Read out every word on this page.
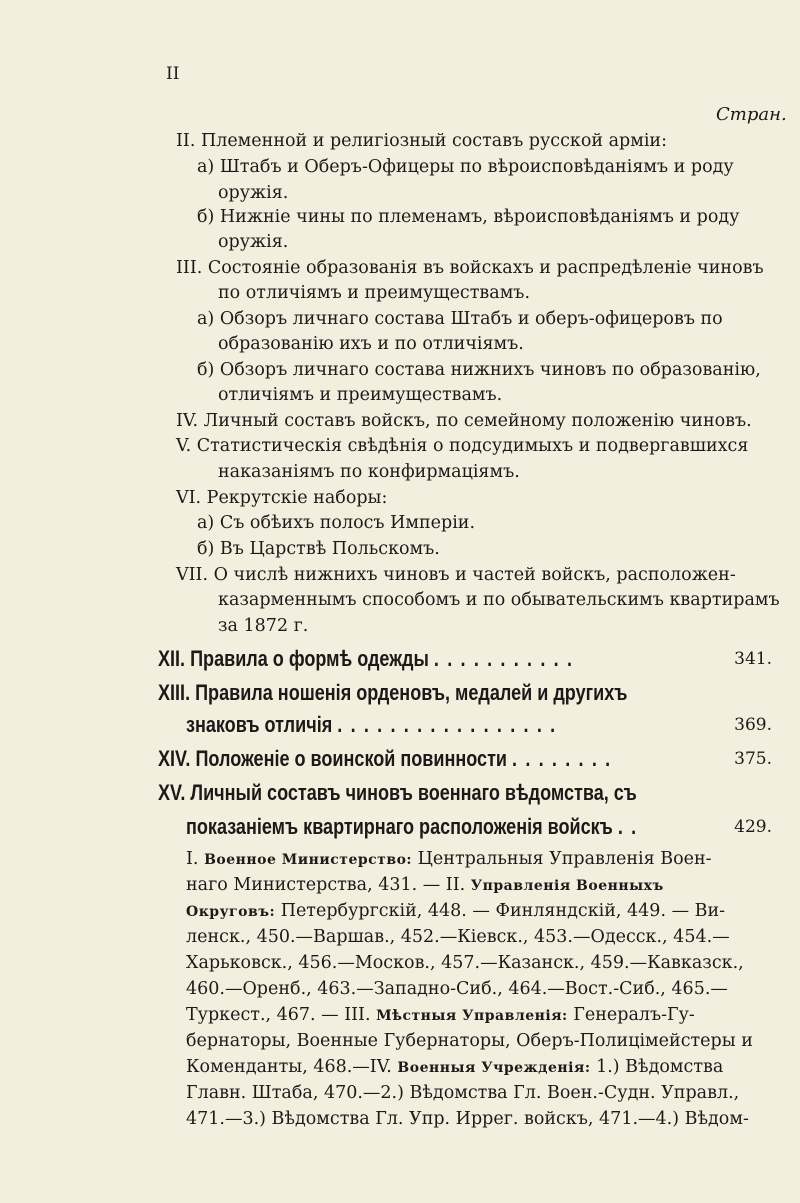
II
Стран.
II. Племенной и религіозный составъ русской арміи:
а) Штабъ и Оберъ-Офицеры по вѣроисповѣданіямъ и роду
оружія.
б) Нижніе чины по племенамъ, вѣроисповѣданіямъ и роду
оружія.
III. Состояніе образованія въ войскахъ и распредѣленіе чиновъ
по отличіямъ и преимуществамъ.
а) Обзоръ личнаго состава Штабъ и оберъ-офицеровъ по
образованію ихъ и по отличіямъ.
б) Обзоръ личнаго состава нижнихъ чиновъ по образованію,
отличіямъ и преимуществамъ.
IV. Личный составъ войскъ, по семейному положенію чиновъ.
V. Статистическія свѣдѣнія о подсудимыхъ и подвергавшихся
наказаніямъ по конфирмаціямъ.
VI. Рекрутскіе наборы:
а) Съ обѣихъ полосъ Имперіи.
б) Въ Царствѣ Польскомъ.
VII. О числѣ нижнихъ чиновъ и частей войскъ, расположен-
казарменнымъ способомъ и по обывательскимъ квартирамъ
за 1872 г.
XII. Правила о формѣ одежды . . . . . . . . . . .	341.
XIII. Правила ношенія орденовъ, медалей и другихъ
знаковъ отличія . . . . . . . . . . . . . . . . .	369.
XIV. Положеніе о воинской повинности . . . . . . . .	375.
XV. Личный составъ чиновъ военнаго вѣдомства, съ
показаніемъ квартирнаго расположенія войскъ . .	429.
I. Военное Министерство: Центральныя Управленія Воен-
наго Министерства, 431. — II. Управленія Военныхъ
Округовъ: Петербургскій, 448. — Финляндскій, 449. — Ви-
ленск., 450.—Варшав., 452.—Кіевск., 453.—Одесск., 454.—
Харьковск., 456.—Москов., 457.—Казанск., 459.—Кавказск.,
460.—Оренб., 463.—Западно-Сиб., 464.—Вост.-Сиб., 465.—
Туркест., 467. — III. Мѣстныя Управленія: Генералъ-Гу-
бернаторы, Военные Губернаторы, Оберъ-Полицімейстеры и
Коменданты, 468.—IV. Военныя Учрежденія: 1.) Вѣдомства
Главн. Штаба, 470.—2.) Вѣдомства Гл. Воен.-Судн. Управл.,
471.—3.) Вѣдомства Гл. Упр. Иррег. войскъ, 471.—4.) Вѣдом-
